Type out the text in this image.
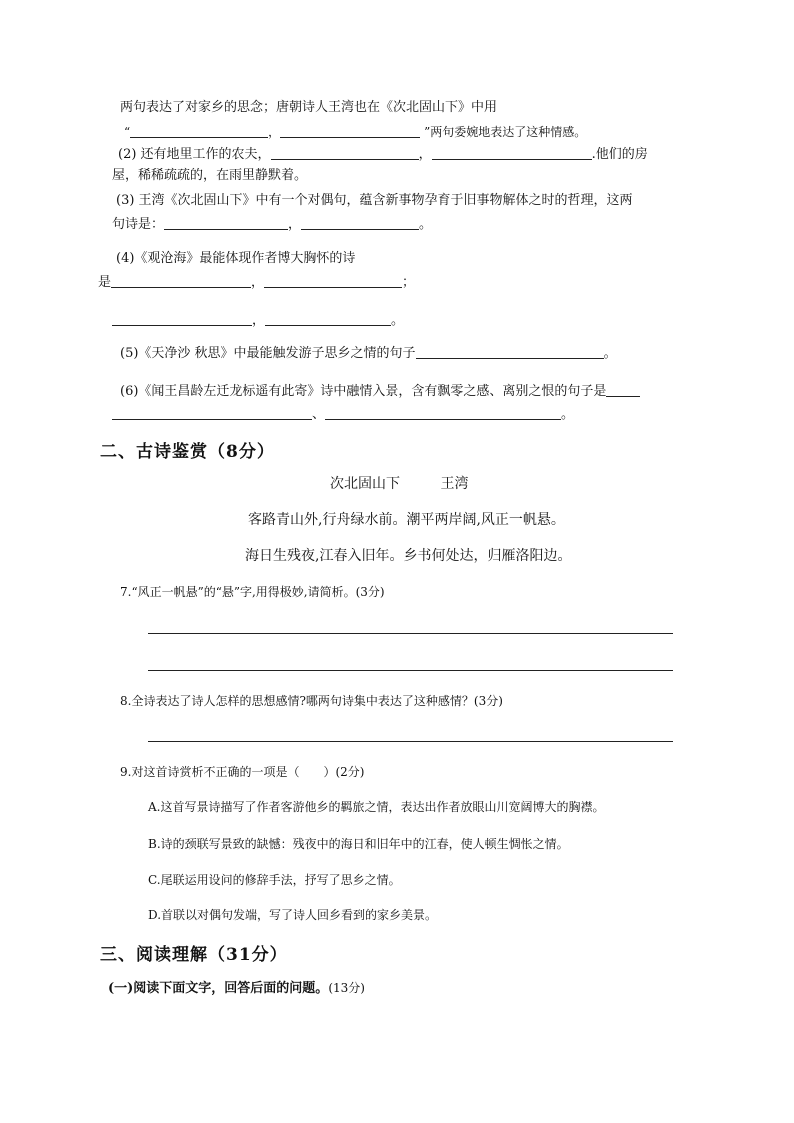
两句表达了对家乡的思念；唐朝诗人王湾也在《次北固山下》中用
“	，	”两句委婉地表达了这种情感。
(2) 还有地里工作的农夫，	，	.他们的房
屋，稀稀疏疏的，在雨里静默着。
(3) 王湾《次北固山下》中有一个对偶句，蕴含新事物孕育于旧事物解体之时的哲理，这两
句诗是：	，	。
(4)《观沧海》最能体现作者博大胸怀的诗
是	，	；
，	。
(5)《天净沙 秋思》中最能触发游子思乡之情的句子	。
(6)《闻王昌龄左迁龙标遥有此寄》诗中融情入景，含有飘零之感、离别之恨的句子是
、	。
二、古诗鉴赏（8分）
次北固山下	王湾
客路青山外,行舟绿水前。潮平两岸阔,风正一帆悬。
海日生残夜,江春入旧年。乡书何处达，归雁洛阳边。
7.“风正一帆悬”的“悬”字,用得极妙,请简析。(3分)
8.全诗表达了诗人怎样的思想感情?哪两句诗集中表达了这种感情？(3分)
9.对这首诗赏析不正确的一项是（　　）(2分)
A.这首写景诗描写了作者客游他乡的羁旅之情，表达出作者放眼山川宽阔博大的胸襟。
B.诗的颈联写景致的缺憾：残夜中的海日和旧年中的江春，使人顿生惆怅之情。
C.尾联运用设问的修辞手法，抒写了思乡之情。
D.首联以对偶句发端，写了诗人回乡看到的家乡美景。
三、阅读理解（31分）
(一)阅读下面文字，回答后面的问题。(13分)
